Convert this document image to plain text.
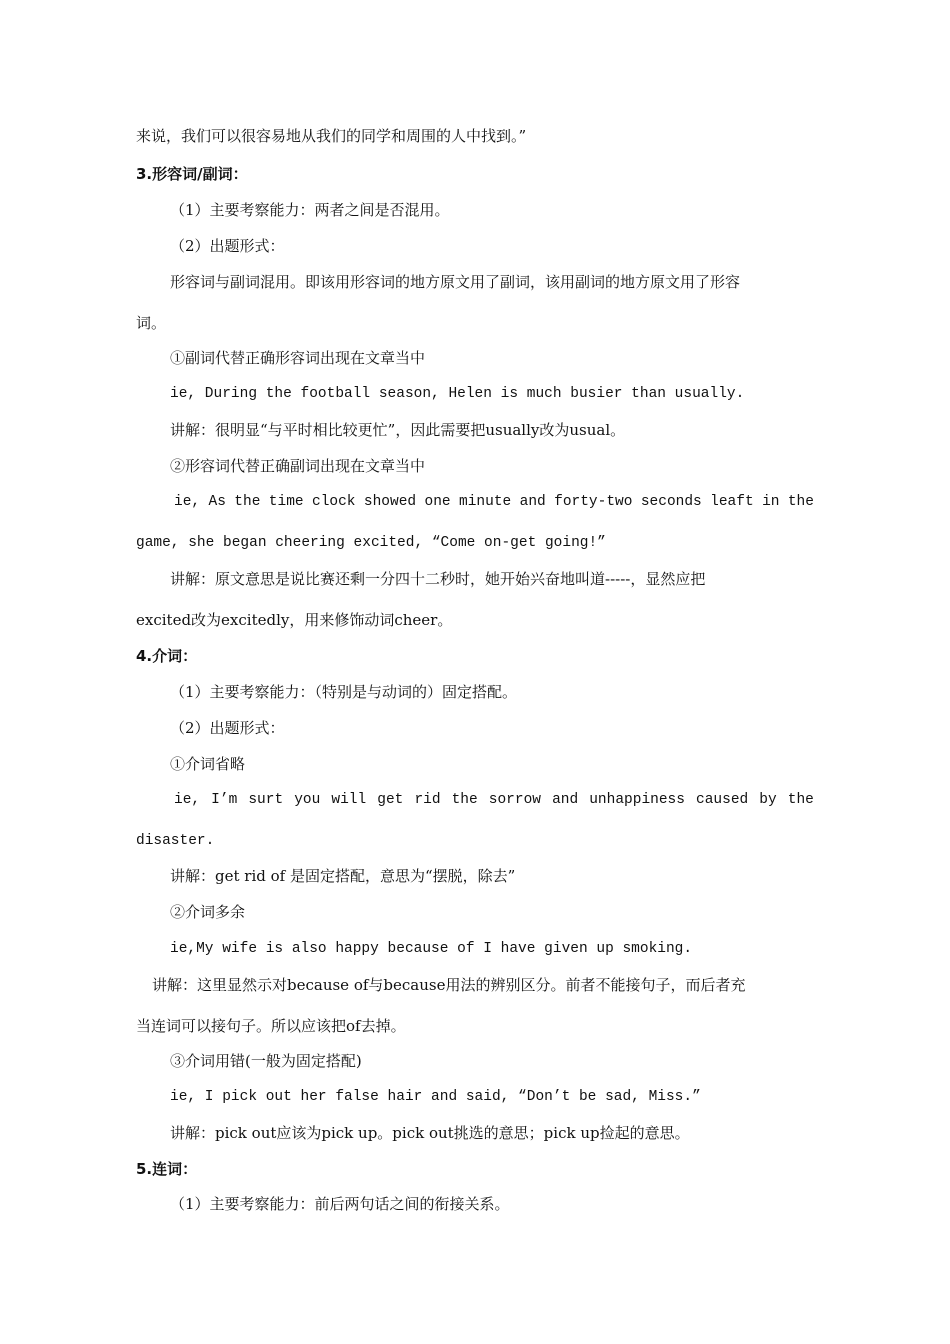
来说，我们可以很容易地从我们的同学和周围的人中找到。”
3.形容词/副词：
（1）主要考察能力：两者之间是否混用。
（2）出题形式：
形容词与副词混用。即该用形容词的地方原文用了副词，该用副词的地方原文用了形容
词。
①副词代替正确形容词出现在文章当中
ie, During the football season, Helen is much busier than usually.
讲解：很明显“与平时相比较更忙”，因此需要把usually改为usual。
②形容词代替正确副词出现在文章当中
ie, As the time clock showed one minute and forty-two seconds leaft in the
game, she began cheering excited, “Come on-get going!”
讲解：原文意思是说比赛还剩一分四十二秒时，她开始兴奋地叫道-----，显然应把
excited改为excitedly，用来修饰动词cheer。
4.介词：
（1）主要考察能力：（特别是与动词的）固定搭配。
（2）出题形式：
①介词省略
ie, I’m surt you will get rid the sorrow and unhappiness caused by the
disaster.
讲解：get rid of 是固定搭配，意思为“摆脱，除去”
②介词多余
ie,My wife is also happy because of I have given up smoking.
讲解：这里显然示对because of与because用法的辨别区分。前者不能接句子，而后者充
当连词可以接句子。所以应该把of去掉。
③介词用错(一般为固定搭配)
ie, I pick out her false hair and said, “Don’t be sad, Miss.”
讲解：pick out应该为pick up。pick out挑选的意思；pick up捡起的意思。
5.连词：
（1）主要考察能力：前后两句话之间的衔接关系。
